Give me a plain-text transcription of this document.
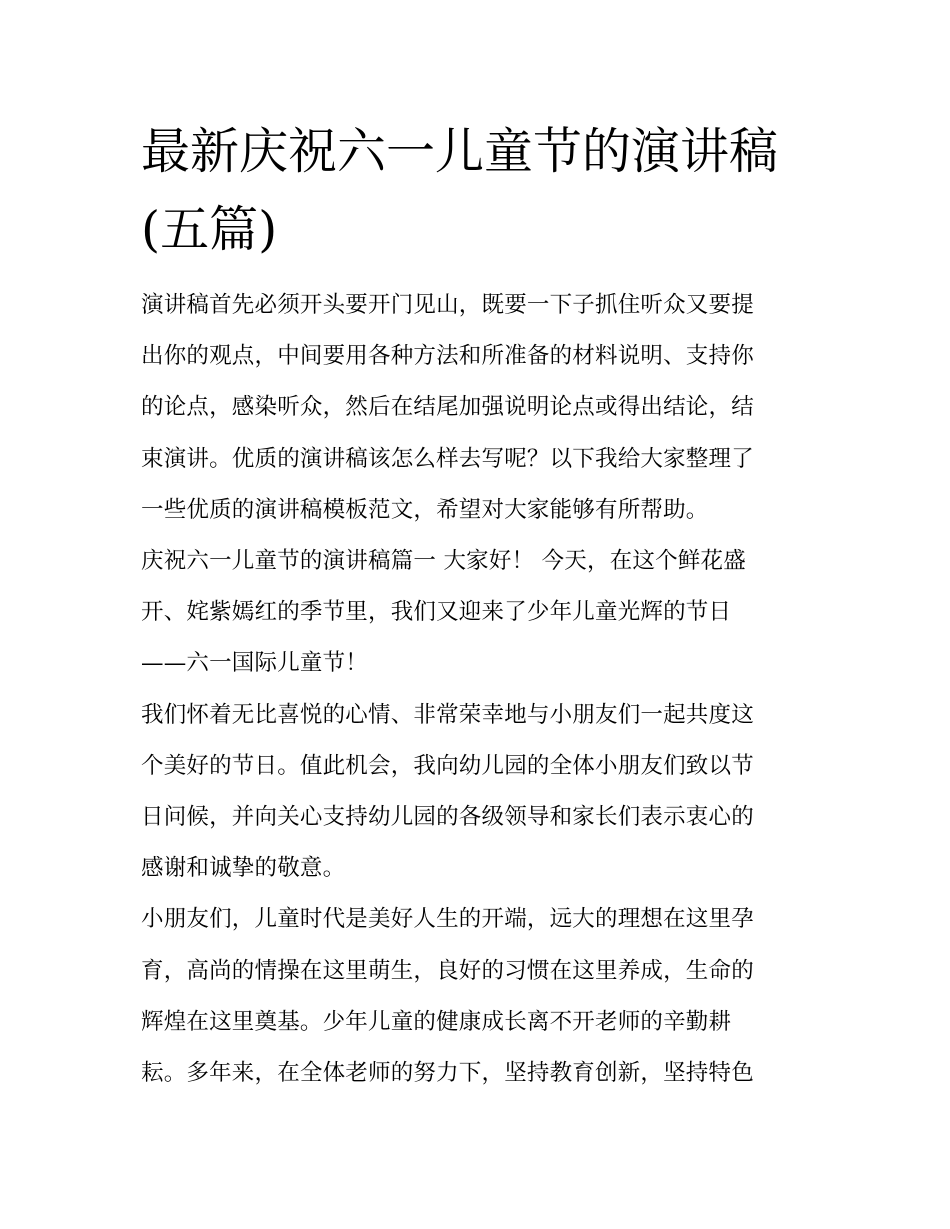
最新庆祝六一儿童节的演讲稿
(五篇)
演讲稿首先必须开头要开门见山，既要一下子抓住听众又要提
出你的观点，中间要用各种方法和所准备的材料说明、支持你
的论点，感染听众，然后在结尾加强说明论点或得出结论，结
束演讲。优质的演讲稿该怎么样去写呢？以下我给大家整理了
一些优质的演讲稿模板范文，希望对大家能够有所帮助。
庆祝六一儿童节的演讲稿篇一 大家好！ 今天，在这个鲜花盛
开、姹紫嫣红的季节里，我们又迎来了少年儿童光辉的节日
——六一国际儿童节！
我们怀着无比喜悦的心情、非常荣幸地与小朋友们一起共度这
个美好的节日。值此机会，我向幼儿园的全体小朋友们致以节
日问候，并向关心支持幼儿园的各级领导和家长们表示衷心的
感谢和诚挚的敬意。
小朋友们，儿童时代是美好人生的开端，远大的理想在这里孕
育，高尚的情操在这里萌生，良好的习惯在这里养成，生命的
辉煌在这里奠基。少年儿童的健康成长离不开老师的辛勤耕
耘。多年来，在全体老师的努力下，坚持教育创新，坚持特色
